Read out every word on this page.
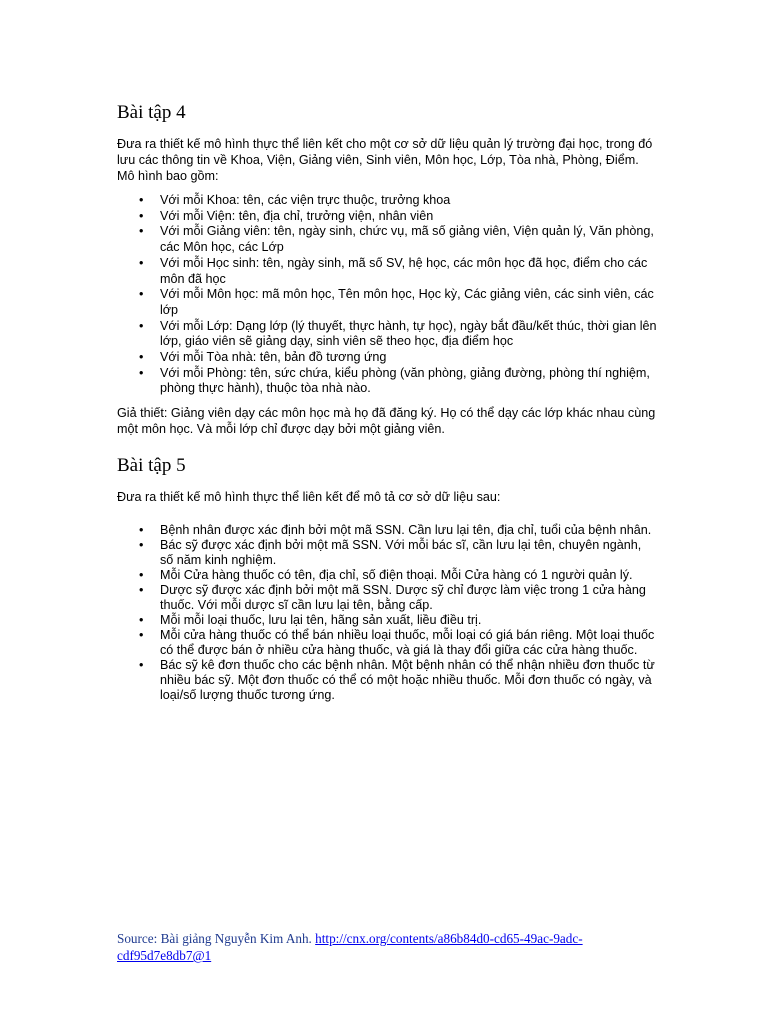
Bài tập 4

Đưa ra thiết kế mô hình thực thể liên kết cho một cơ sở dữ liệu quản lý trường đại học, trong đó lưu các thông tin về Khoa, Viện, Giảng viên, Sinh viên, Môn học, Lớp, Tòa nhà, Phòng, Điểm. Mô hình bao gồm:

• Với mỗi Khoa: tên, các viện trực thuộc, trưởng khoa
• Với mỗi Viện: tên, địa chỉ, trưởng viện, nhân viên
• Với mỗi Giảng viên: tên, ngày sinh, chức vụ, mã số giảng viên, Viện quản lý, Văn phòng, các Môn học, các Lớp
• Với mỗi Học sinh: tên, ngày sinh, mã số SV, hệ học, các môn học đã học, điểm cho các môn đã học
• Với mỗi Môn học: mã môn học, Tên môn học, Học kỳ, Các giảng viên, các sinh viên, các lớp
• Với mỗi Lớp: Dạng lớp (lý thuyết, thực hành, tự học), ngày bắt đầu/kết thúc, thời gian lên lớp, giáo viên sẽ giảng dạy, sinh viên sẽ theo học, địa điểm học
• Với mỗi Tòa nhà: tên, bản đồ tương ứng
• Với mỗi Phòng: tên, sức chứa, kiểu phòng (văn phòng, giảng đường, phòng thí nghiệm, phòng thực hành), thuộc tòa nhà nào.

Giả thiết: Giảng viên dạy các môn học mà họ đã đăng ký. Họ có thể dạy các lớp khác nhau cùng một môn học. Và mỗi lớp chỉ được dạy bởi một giảng viên.

Bài tập 5

Đưa ra thiết kế mô hình thực thể liên kết để mô tả cơ sở dữ liệu sau:

• Bệnh nhân được xác định bởi một mã SSN. Cần lưu lại tên, địa chỉ, tuổi của bệnh nhân.
• Bác sỹ được xác định bởi một mã SSN. Với mỗi bác sĩ, cần lưu lại tên, chuyên ngành, số năm kinh nghiệm.
• Mỗi Cửa hàng thuốc có tên, địa chỉ, số điện thoại. Mỗi Cửa hàng có 1 người quản lý.
• Dược sỹ được xác định bởi một mã SSN. Dược sỹ chỉ được làm việc trong 1 cửa hàng thuốc. Với mỗi dược sĩ cần lưu lại tên, bằng cấp.
• Mỗi mỗi loại thuốc, lưu lại tên, hãng sản xuất, liều điều trị.
• Mỗi cửa hàng thuốc có thể bán nhiều loại thuốc, mỗi loại có giá bán riêng. Một loại thuốc có thể được bán ở nhiều cửa hàng thuốc, và giá là thay đổi giữa các cửa hàng thuốc.
• Bác sỹ kê đơn thuốc cho các bệnh nhân. Một bệnh nhân có thể nhận nhiều đơn thuốc từ nhiều bác sỹ. Một đơn thuốc có thể có một hoặc nhiều thuốc. Mỗi đơn thuốc có ngày, và loại/số lượng thuốc tương ứng.
Source: Bài giảng Nguyễn Kim Anh. http://cnx.org/contents/a86b84d0-cd65-49ac-9adc-cdf95d7e8db7@1
